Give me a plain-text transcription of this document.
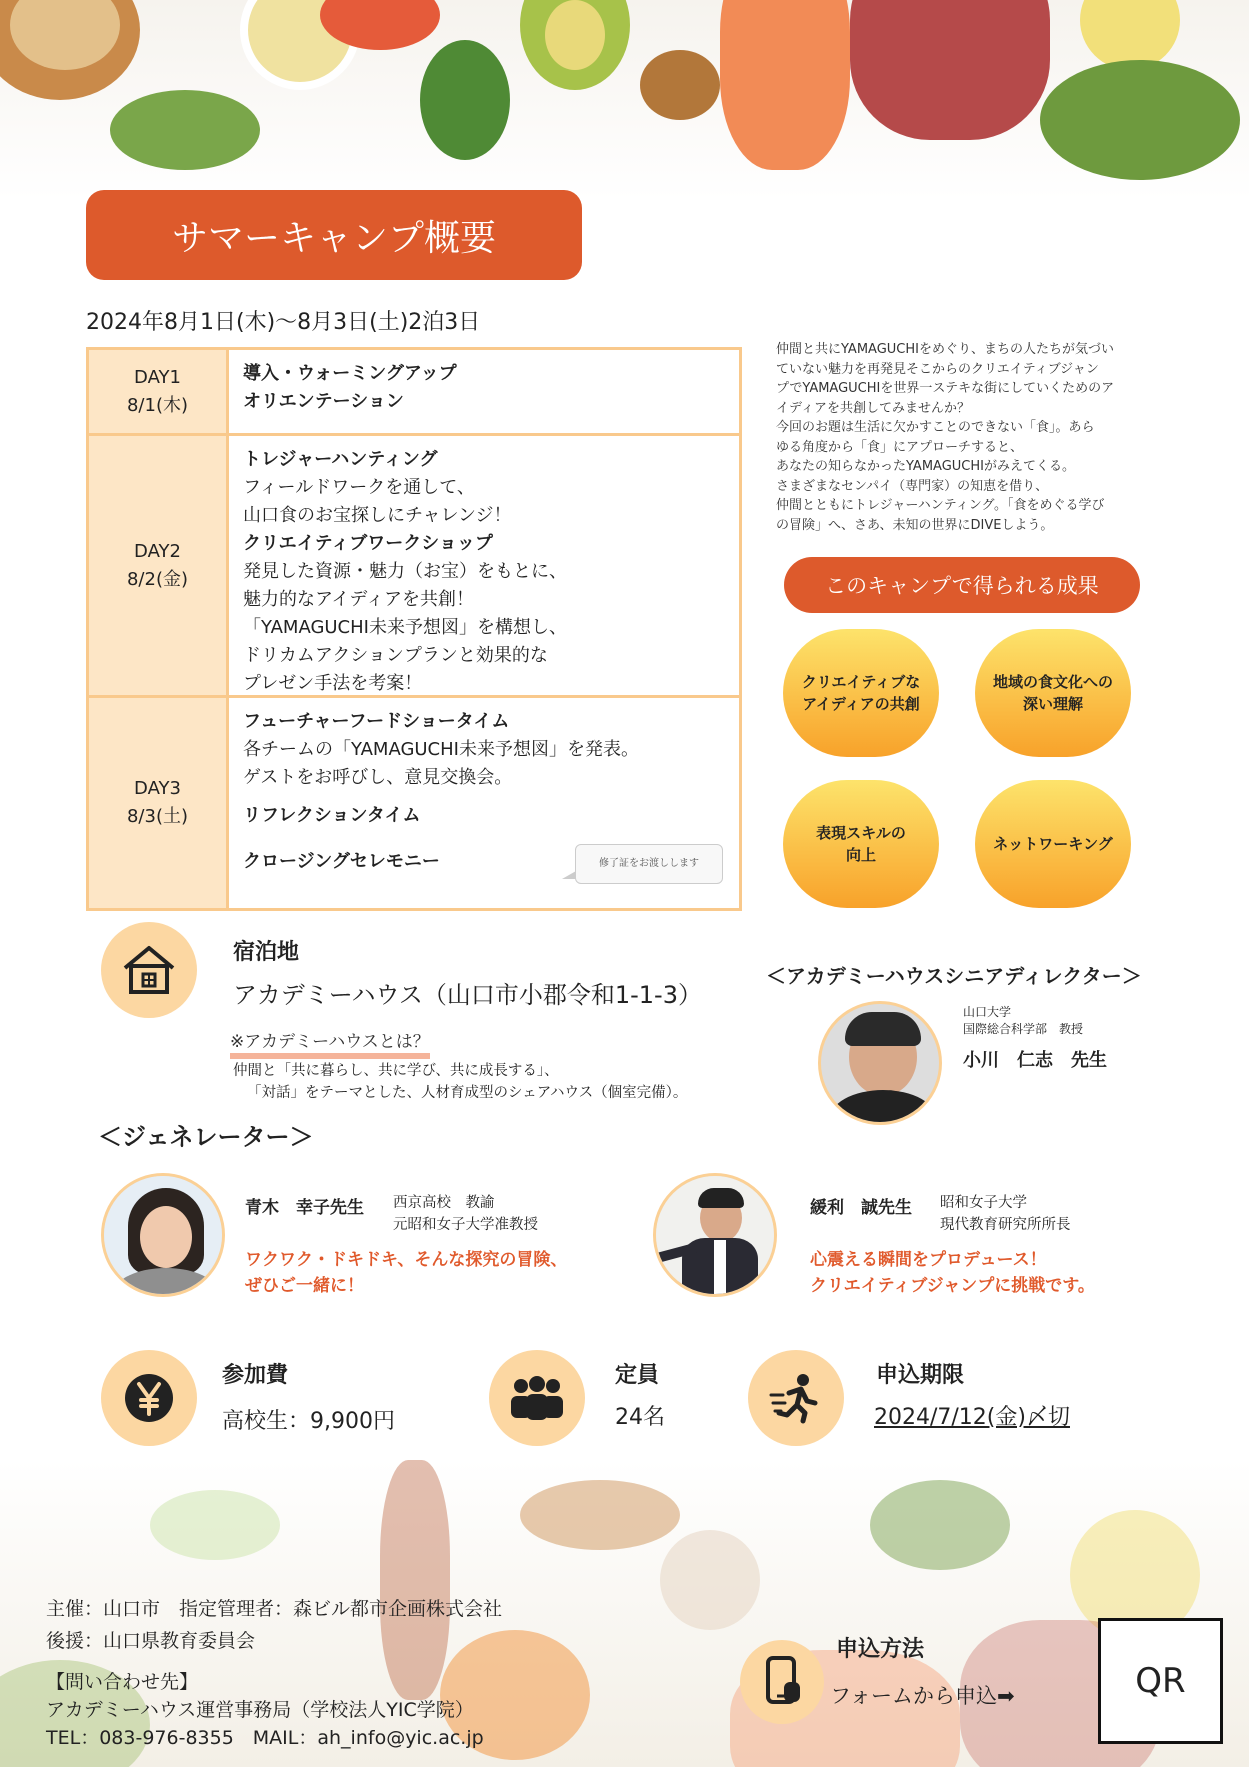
サマーキャンプ概要
2024年8月1日(木)～8月3日(土)2泊3日
DAY1
8/1(木)
導入・ウォーミングアップ
オリエンテーション
DAY2
8/2(金)
トレジャーハンティング
フィールドワークを通して、
山口食のお宝探しにチャレンジ！
クリエイティブワークショップ
発見した資源・魅力（お宝）をもとに、
魅力的なアイディアを共創！
「YAMAGUCHI未来予想図」を構想し、
ドリカムアクションプランと効果的な
プレゼン手法を考案！
DAY3
8/3(土)
フューチャーフードショータイム
各チームの「YAMAGUCHI未来予想図」を発表。
ゲストをお呼びし、意見交換会。
リフレクションタイム
クロージングセレモニー	修了証をお渡しします
仲間と共にYAMAGUCHIをめぐり、まちの人たちが気づい
ていない魅力を再発見そこからのクリエイティブジャン
プでYAMAGUCHIを世界一ステキな街にしていくためのア
イディアを共創してみませんか？
今回のお題は生活に欠かすことのできない「食」。あら
ゆる角度から「食」にアプローチすると、
あなたの知らなかったYAMAGUCHIがみえてくる。
さまざまなセンパイ（専門家）の知恵を借り、
仲間とともにトレジャーハンティング。「食をめぐる学び
の冒険」へ、さあ、未知の世界にDIVEしよう。
このキャンプで得られる成果
クリエイティブな
アイディアの共創
地域の食文化への
深い理解
表現スキルの
向上
ネットワーキング
宿泊地
アカデミーハウス（山口市小郡令和1-1-3）
※アカデミーハウスとは？
仲間と「共に暮らし、共に学び、共に成長する」、
「対話」をテーマとした、人材育成型のシェアハウス（個室完備）。
＜アカデミーハウスシニアディレクター＞
山口大学
国際総合科学部　教授
小川　仁志　先生
＜ジェネレーター＞
青木　幸子先生 西京高校　教諭
元昭和女子大学准教授
ワクワク・ドキドキ、そんな探究の冒険、
ぜひご一緒に！
緩利　誠先生 昭和女子大学
現代教育研究所所長
心震える瞬間をプロデュース！
クリエイティブジャンプに挑戦です。
参加費
高校生：9,900円
定員
24名
申込期限
2024/7/12(金)〆切
主催：山口市　指定管理者：森ビル都市企画株式会社
後援：山口県教育委員会
【問い合わせ先】
アカデミーハウス運営事務局（学校法人YIC学院）
TEL：083-976-8355　MAIL：ah_info@yic.ac.jp
申込方法
フォームから申込➡	QR
